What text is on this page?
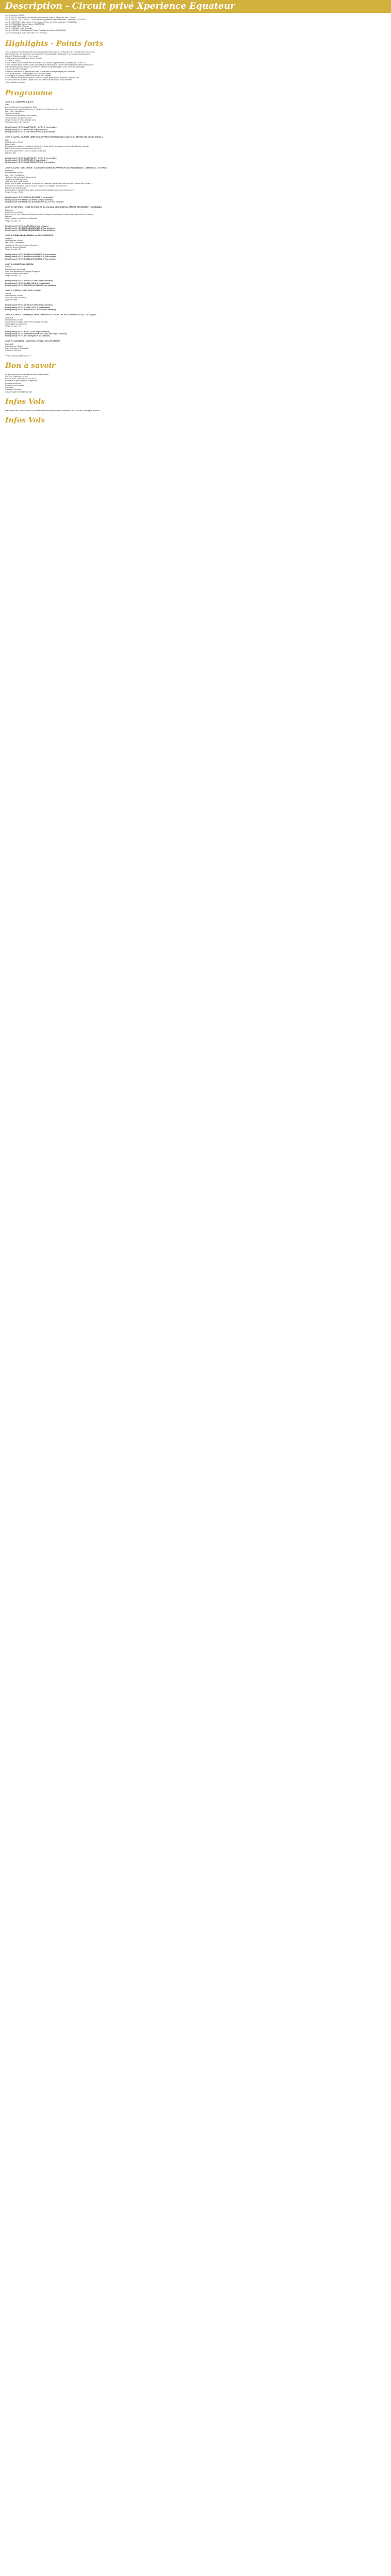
Description - Circuit privé Xperience Equateur
Jour 1 : Arrivée à QUITO
Jour 2 : QUITO, journée libre ou activités optionnelles à Quito ou Région des lacs / Otavalo
Jour 3 : QUITO - VIA LONGUE - Cours de cuisine (expérience gastronomique) / Latacunga - COTOPAXI
Jour 4 : COTOPAXI, visite du parc et du volcan, déjeuner au refuge restaurant – RIOBAMBA
Jour 5 : RIOBAMBA, Baños - Alausi – INGAPIRCA
Jour 6 : INGAPIRCA – Cuenca
Jour 7 : CUENCA - visite de la ville
Jour 8 : CUENCA - Parc National El Cajas, Plantation de Cacao - GUAYAQUIL
Jour 9 : GUAYAQUIL, visite de la ville / Fin / vol retour...
Highlights - Points forts
➤ Un programme équilibré et varié prévu pour profiter à temps de tout ce l'Équateur de l'essentiel. Bien découvrir la
Grandes Avenues des Volcans en vue marquer les incontournables Galapagos et une possible Amazonie pour
découvrir l'Équateur complet en un voyage
➤ Les nuits dans des hôtels de charme à Quito
➤ 2 nuits à Cuenca
➤ Une balade la sélectionnée avec vue sur les sites choisis en ligne équateur au dessus de 4°5 et 6°10
➤ Des emplacements d'hôtels choisis dans des lieux historiques de charme d'hébergement superbe haciendas et
charme Haciendas Les Relacion ancienne en meilleur les caractéristiques d'une rencontre authentique
➤ Cours de cuisine Sampler
➤ Petit sur mesure de la gastronomie locale et rencontre de très privilégiés pour les repas
➤ Un guide unique à l'accompagner pour tout votre voyage
➤ Des repas et quelques tentations dans des lieux insolites
➤ De sélections d'activités citoyennes : leur / de culture, gastronomie, ascension, rites / en sont
Ce jour la route des volcans – repas inclus des visites incluses et plus selon l'itinéraire
➤ Des activités en option
Programme
JOUR 1 : (-/-) ARRIVÉE À QUITO
Quito
Arrivée à l'aéroport international de Quito.
Accueil par votre guide francophone et transfert en direction de votre hôtel.
Les « plus » Latinilatera :
- Avenue de volcan
- Éteindre c'est plus facile à votre arrivée
- Pouvoir faire une pause au choix
Temps de route: 45 min - 1h selon trafic
Services compris : 1h Transfert
Hotel (choice) HOTEL HAMPTON BY HILTON 3* (ou similaire)
Hotel (choice) HOTEL MERCURE 4* (ou similaire)
Hotel (choice) HOTEL CASA GANGOTENA 5* (ou similaire)
JOUR 2 : QUITO, JOURNÉE LIBRE OU ACTIVITÉS OPTIONNELLES À QUITO OU RÉGION DES LACS / OTAVALO
Quito
Petit déjeuner à l'hôtel
Libre ensuite
Découverte des activités proposées à Quito de la vieille ville ou un quartier et centre-ville historique, dans la
ville de Quito ou aux environs autour de la ville
Excursions optionnelles : Quito / Otavalo / Cotacachi
Déjeuner libre
Hotel (choice) HOTEL HAMPTON BY HILTON 3* (ou similaire)
Hotel (choice) HOTEL MERCURE 4* (ou similaire)
Hotel (choice) HOTEL CASA GANGOTENA 5* (ou similaire)
JOUR 3 : QUITO - VIA LONGUE - COURS DE CUISINE (EXPÉRIENCE GASTRONOMIQUE) / LATACUNGA - COTOPAXI
Latacunga
Petit déjeuner à l'hôtel
Les « plus » Latinilatera :
- Déjeuner dans une hacienda ancienne
- Expérience gastronomique
- Nuit dans une Lodge unique
Départ pour la vallée des volcans, en direction de Latacunga, par la belle route appelée « Avenue des volcans ».
Arrêt dans une hacienda pour le cours de cuisine, en compagnie d'un chef local
Déjeuner du repas préparé
Continuation en direction de la région du Cotopaxi et installation dans votre hébergement
Temps de route : 2h30
Hotel (choice) HOTEL CUELLO DE LUNA 3* (ou similaire)
Hotel (choice) HACIENDA LA CIENEGA 4* (ou similaire)
Hotel (choice) HACIENDA SAN AGUSTIN DE CALLO 5* (ou similaire)
JOUR 4 : COTOPAXI - VISITE DU PARC ET DU VOLCAN, DÉJEUNER AU REFUGE RESTAURANT – RIOBAMBA
Riobamba
Petit déjeuner à l'hôtel
Départ pour le Parc National du Cotopaxi, visite de la lagune Limpiopungo, montée au premier refuge du volcan et
déjeuner
Départ ensuite en direction de Riobamba
Temps de route : 2h
Hotel (choice) HOTEL CASA REAL 3* (ou similaire)
Hotel (choice) HACIENDA ABRASPUNGO 4* (ou similaire)
Hotel (choice) HACIENDA ABRASPUNGO 4* (ou similaire)
JOUR 5 : RIOBAMBA BAÑAMBA - ALAUSI INGAPIRCA
Ingapirca
Petit déjeuner à l'hôtel
Les « plus » Latinilatera :
- Explorer le site archéologique d'Ingapirca
Route en direction d'Alausi
Temps de route : 3h
Hotel (choice) HOTEL POSADA INGAPIRCA 3* (ou similaire)
Hotel (choice) HOTEL POSADA INGAPIRCA 3* (ou similaire)
Hotel (choice) HOTEL POSADA INGAPIRCA 3* (ou similaire)
JOUR 6 : INGAPIRCA / CUENCA
Cuenca
Petit déjeuner à la posada
Visite du complexe archéologique d'Ingapirca
Route en direction de Cuenca
Temps de route : 2h
Hotel (choice) HOTEL LOS BALCONES 3* (ou similaire)
Hotel (choice) HOTEL SANTA LUCIA 4* (ou similaire)
Hotel (choice) HOTEL MANSION ALCAZAR 5* (ou similaire)
JOUR 7 : CUENCA - VISITE DE LA VILLE
Cuenca
Petit déjeuner à l'hôtel
Visite de la ville de Cuenca
Après-midi libre
Hotel (choice) HOTEL LOS BALCONES 3* (ou similaire)
Hotel (choice) HOTEL SANTA LUCIA 4* (ou similaire)
Hotel (choice) HOTEL MANSION ALCAZAR 5* (ou similaire)
JOUR 8 : CUENCA - GUAYAQUIL (PARC NATIONAL EL CAJAS - PLANTATION DE CACAO) - GUAYAQUIL
Guayaquil
Petit déjeuner à l'hôtel
Parc National El Cajas, visite d'une plantation de cacao
Continuation vers Guayaquil
Temps de route : 4h
Hotel (choice) HOTEL BES STYLES 3* (ou similaire)
Hotel (choice) HOTEL WYNDHAM PUERTO SANTA ANA 4* (ou similaire)
Hotel (choice) HOTEL DEL PARQUE 5* (ou similaire)
JOUR 9 : GUAYAQUIL - VISITE DE LA VILLE / VOL DE RETOUR
Guayaquil
Petit déjeuner à l'hôtel
Visite de la ville de Guayaquil
Transfert à l'aéroport
**** FIN DE NOS SERVICES ****
Bon à savoir
Le déroulement de nos circuits est donné à titre indicatif
AUTRE COMMUNICATIONS
CONDITIONS GÉNÉRALES DE VENTE
Formalités et Applicabilité de Programme
Prestations incluses
Prestations non incluses
Assurance
Conditions de ventes
CONDITIONS DE RESERVATION
Infos Vols
Les horaires des vols sont donnés à titre indicatif et sont susceptibles de modification de la part de la compagnie aérienne
Infos Vols
